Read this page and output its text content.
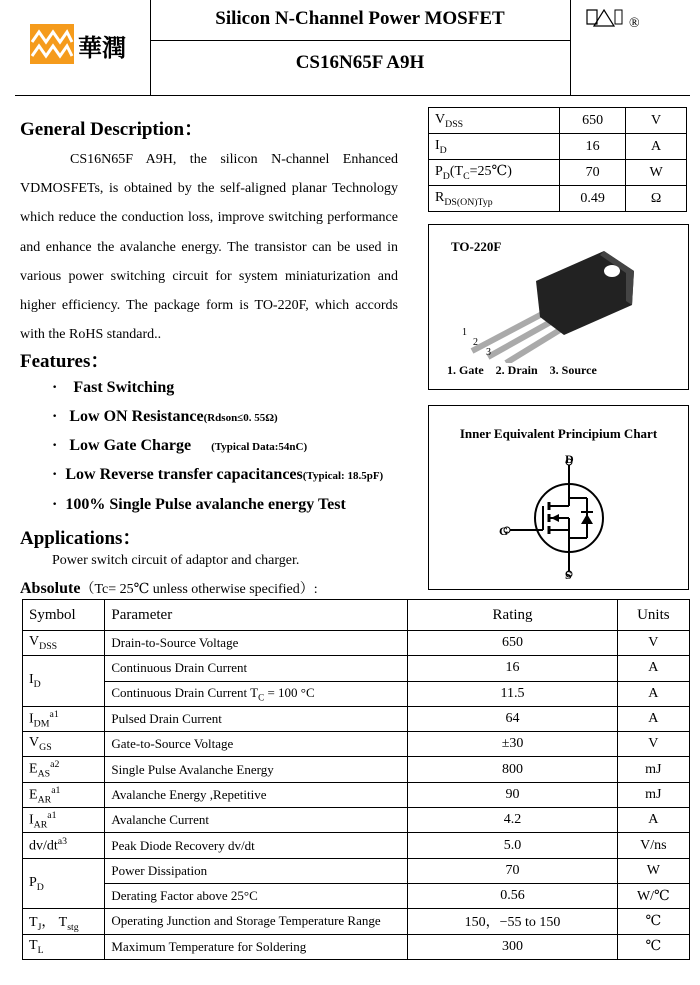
華潤
Silicon N-Channel Power MOSFET
CS16N65F A9H
®
General Description：
CS16N65F A9H, the silicon N-channel Enhanced VDMOSFETs, is obtained by the self-aligned planar Technology which reduce the conduction loss, improve switching performance and enhance the avalanche energy. The transistor can be used in various power switching circuit for system miniaturization and higher efficiency. The package form is TO-220F, which accords with the RoHS standard..
Features：
·    Fast Switching
·   Low ON Resistance(Rdson≤0. 55Ω)
·   Low Gate Charge (Typical Data:54nC)
·  Low Reverse transfer capacitances(Typical: 18.5pF)
·  100% Single Pulse avalanche energy Test
Applications：
Power switch circuit of adaptor and charger.
Absolute（Tc= 25℃ unless otherwise specified）:
$V_{DSS}$	650	V
$I_D$	16	A
$P_D(T_C=25℃)$	70	W
$R_{DS(ON)Typ}$	0.49	Ω
TO-220F
1
2
3
1. Gate    2. Drain    3. Source
Inner Equivalent Principium Chart
D
G
S
Symbol	Parameter	Rating	Units
$V_{DSS}$	Drain-to-Source Voltage	650	V
$I_D$	Continuous Drain Current	16	A
	Continuous Drain Current $T_C = 100$ °C	11.5	A
$I_{DM}^{a1}$	Pulsed Drain Current	64	A
$V_{GS}$	Gate-to-Source Voltage	±30	V
$E_{AS}^{a2}$	Single Pulse Avalanche Energy	800	mJ
$E_{AR}^{a1}$	Avalanche Energy ,Repetitive	90	mJ
$I_{AR}^{a1}$	Avalanche Current	4.2	A
$dv/dt^{a3}$	Peak Diode Recovery dv/dt	5.0	V/ns
$P_D$	Power Dissipation	70	W
	Derating Factor above 25°C	0.56	W/℃
$T_J$， $T_{stg}$	Operating Junction and Storage Temperature Range	150，−55 to 150	℃
$T_L$	Maximum Temperature for Soldering	300	℃
